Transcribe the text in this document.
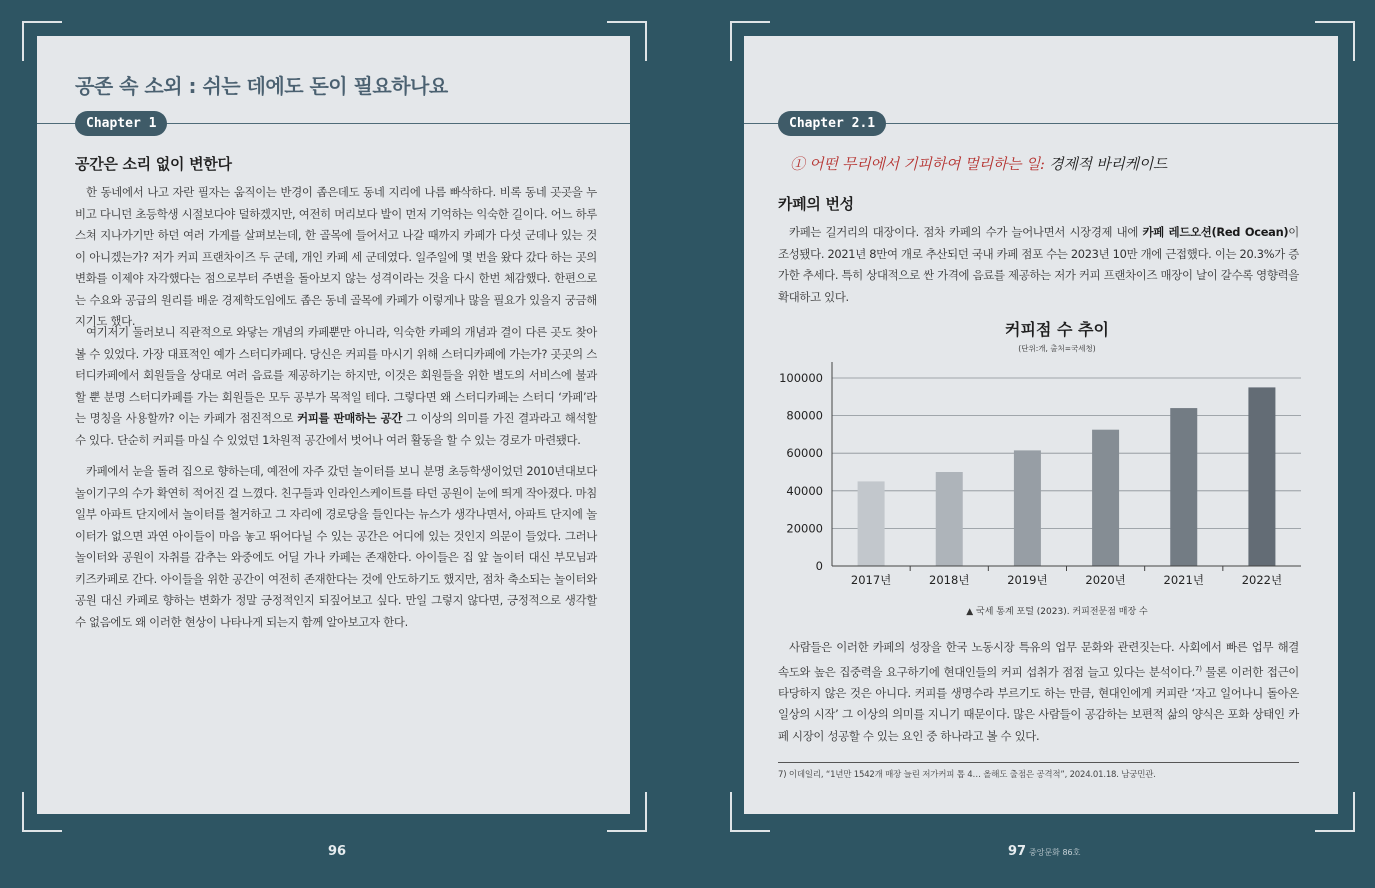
공존 속 소외 : 쉬는 데에도 돈이 필요하나요
Chapter 1
공간은 소리 없이 변한다

한 동네에서 나고 자란 필자는 움직이는 반경이 좁은데도 동네 지리에 나름 빠삭하다. 비록 동네 곳곳을 누비고 다니던 초등학생 시절보다야 덜하겠지만, 여전히 머리보다 발이 먼저 기억하는 익숙한 길이다. 어느 하루 스쳐 지나가기만 하던 여러 가게를 살펴보는데, 한 골목에 들어서고 나갈 때까지 카페가 다섯 군데나 있는 것이 아니겠는가? 저가 커피 프랜차이즈 두 군데, 개인 카페 세 군데였다. 일주일에 몇 번을 왔다 갔다 하는 곳의 변화를 이제야 자각했다는 점으로부터 주변을 돌아보지 않는 성격이라는 것을 다시 한번 체감했다. 한편으로는 수요와 공급의 원리를 배운 경제학도임에도 좁은 동네 골목에 카페가 이렇게나 많을 필요가 있을지 궁금해지기도 했다.

여기저기 둘러보니 직관적으로 와닿는 개념의 카페뿐만 아니라, 익숙한 카페의 개념과 결이 다른 곳도 찾아볼 수 있었다. 가장 대표적인 예가 스터디카페다. 당신은 커피를 마시기 위해 스터디카페에 가는가? 곳곳의 스터디카페에서 회원들을 상대로 여러 음료를 제공하기는 하지만, 이것은 회원들을 위한 별도의 서비스에 불과할 뿐 분명 스터디카페를 가는 회원들은 모두 공부가 목적일 테다. 그렇다면 왜 스터디카페는 스터디 ‘카페’라는 명칭을 사용할까? 이는 카페가 점진적으로 커피를 판매하는 공간 그 이상의 의미를 가진 결과라고 해석할 수 있다. 단순히 커피를 마실 수 있었던 1차원적 공간에서 벗어나 여러 활동을 할 수 있는 경로가 마련됐다.

카페에서 눈을 돌려 집으로 향하는데, 예전에 자주 갔던 놀이터를 보니 분명 초등학생이었던 2010년대보다 놀이기구의 수가 확연히 적어진 걸 느꼈다. 친구들과 인라인스케이트를 타던 공원이 눈에 띄게 작아졌다. 마침 일부 아파트 단지에서 놀이터를 철거하고 그 자리에 경로당을 들인다는 뉴스가 생각나면서, 아파트 단지에 놀이터가 없으면 과연 아이들이 마음 놓고 뛰어다닐 수 있는 공간은 어디에 있는 것인지 의문이 들었다. 그러나 놀이터와 공원이 자취를 감추는 와중에도 어딜 가나 카페는 존재한다. 아이들은 집 앞 놀이터 대신 부모님과 키즈카페로 간다. 아이들을 위한 공간이 여전히 존재한다는 것에 안도하기도 했지만, 점차 축소되는 놀이터와 공원 대신 카페로 향하는 변화가 정말 긍정적인지 되짚어보고 싶다. 만일 그렇지 않다면, 긍정적으로 생각할 수 없음에도 왜 이러한 현상이 나타나게 되는지 함께 알아보고자 한다.

96
Chapter 2.1

① 어떤 무리에서 기피하여 멀리하는 일: 경제적 바리케이드

카페의 번성

카페는 길거리의 대장이다. 점차 카페의 수가 늘어나면서 시장경제 내에 카페 레드오션(Red Ocean)이 조성됐다. 2021년 8만여 개로 추산되던 국내 카페 점포 수는 2023년 10만 개에 근접했다. 이는 20.3%가 증가한 추세다. 특히 상대적으로 싼 가격에 음료를 제공하는 저가 커피 프랜차이즈 매장이 날이 갈수록 영향력을 확대하고 있다.

커피점 수 추이
(단위:개, 출처=국세청)
0
20000
40000
60000
80000
100000
2017년	2018년	2019년	2020년	2021년	2022년
▲ 국세 통계 포털 (2023). 커피전문점 매장 수

사람들은 이러한 카페의 성장을 한국 노동시장 특유의 업무 문화와 관련짓는다. 사회에서 빠른 업무 해결 속도와 높은 집중력을 요구하기에 현대인들의 커피 섭취가 점점 늘고 있다는 분석이다.$^{7)}$ 물론 이러한 접근이 타당하지 않은 것은 아니다. 커피를 생명수라 부르기도 하는 만큼, 현대인에게 커피란 ‘자고 일어나니 돌아온 일상의 시작’ 그 이상의 의미를 지니기 때문이다. 많은 사람들이 공감하는 보편적 삶의 양식은 포화 상태인 카페 시장이 성공할 수 있는 요인 중 하나라고 볼 수 있다.

7) 이데일리, “1년만 1542개 매장 늘린 저가커피 톱 4… 올해도 출점은 공격적”, 2024.01.18. 남궁민관.
97 중앙문화 86호
